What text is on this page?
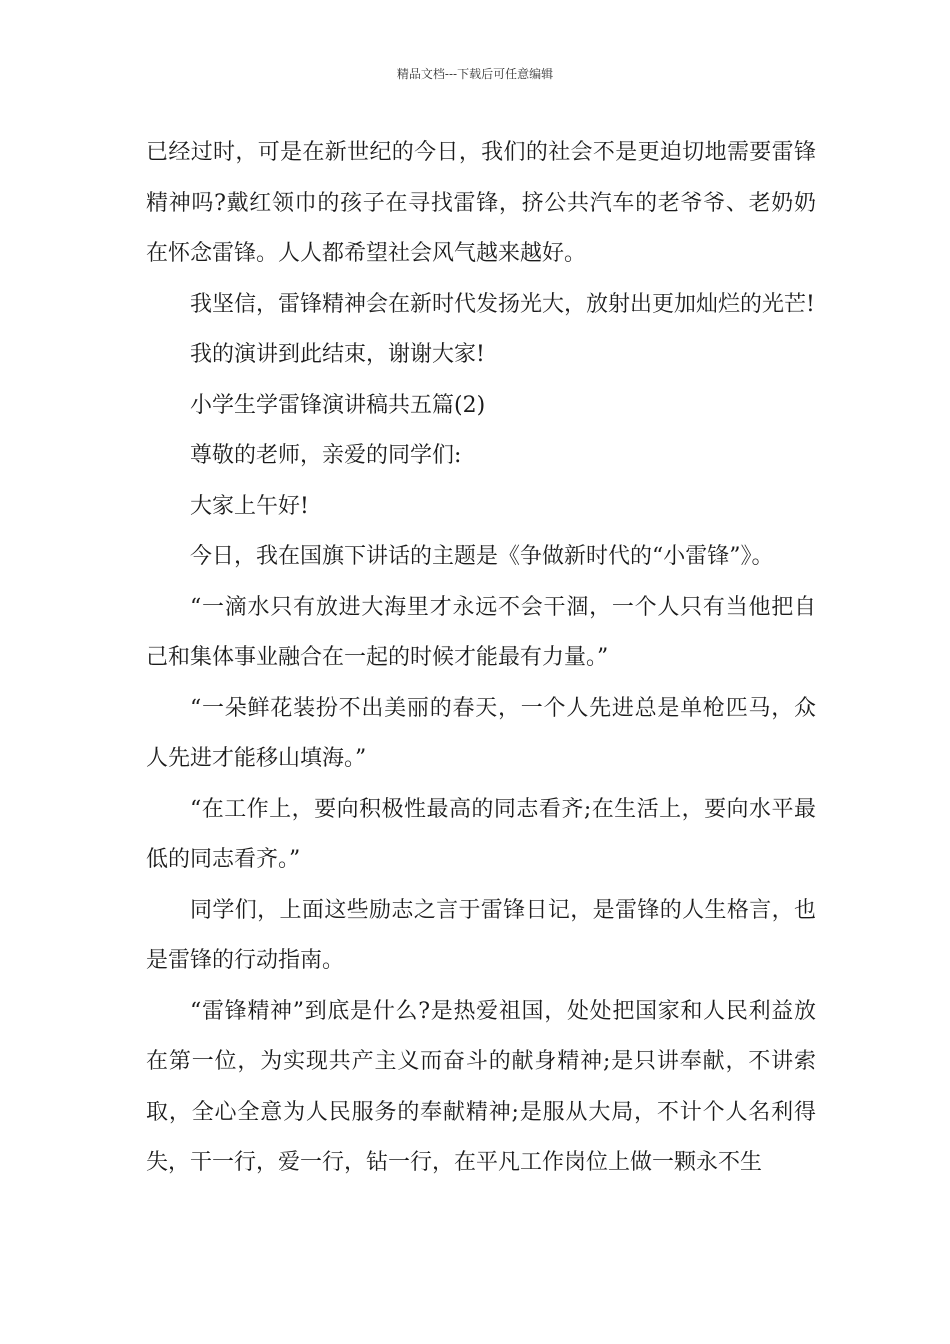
精品文档---下载后可任意编辑

已经过时，可是在新世纪的今日，我们的社会不是更迫切地需要雷锋精神吗?戴红领巾的孩子在寻找雷锋，挤公共汽车的老爷爷、老奶奶在怀念雷锋。人人都希望社会风气越来越好。

我坚信，雷锋精神会在新时代发扬光大，放射出更加灿烂的光芒!

我的演讲到此结束，谢谢大家!

小学生学雷锋演讲稿共五篇(2)

尊敬的老师，亲爱的同学们:

大家上午好!

今日，我在国旗下讲话的主题是《争做新时代的“小雷锋”》。

“一滴水只有放进大海里才永远不会干涸，一个人只有当他把自己和集体事业融合在一起的时候才能最有力量。”

“一朵鲜花装扮不出美丽的春天，一个人先进总是单枪匹马，众人先进才能移山填海。”

“在工作上，要向积极性最高的同志看齐;在生活上，要向水平最低的同志看齐。”

同学们，上面这些励志之言于雷锋日记，是雷锋的人生格言，也是雷锋的行动指南。

“雷锋精神”到底是什么?是热爱祖国，处处把国家和人民利益放在第一位，为实现共产主义而奋斗的献身精神;是只讲奉献，不讲索取，全心全意为人民服务的奉献精神;是服从大局，不计个人名利得失，干一行，爱一行，钻一行，在平凡工作岗位上做一颗永不生
